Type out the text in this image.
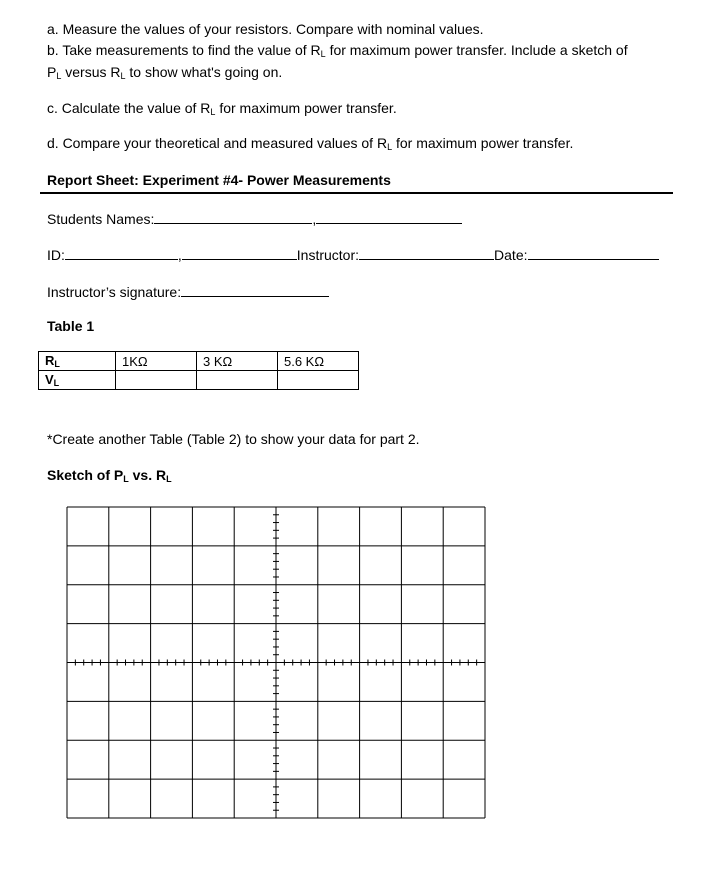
a. Measure the values of your resistors. Compare with nominal values.
b. Take measurements to find the value of $R_L$ for maximum power transfer. Include a sketch of
$P_L$ versus $R_L$ to show what's going on.
c. Calculate the value of $R_L$ for maximum power transfer.
d. Compare your theoretical and measured values of $R_L$ for maximum power transfer.
Report Sheet: Experiment #4- Power Measurements
Students Names:	,
ID:	,	Instructor:	Date:
Instructor’s signature:
Table 1
$R_L$	1KΩ	3 KΩ	5.6 KΩ
$V_L$			
*Create another Table (Table 2) to show your data for part 2.
Sketch of $P_L$ vs. $R_L$
